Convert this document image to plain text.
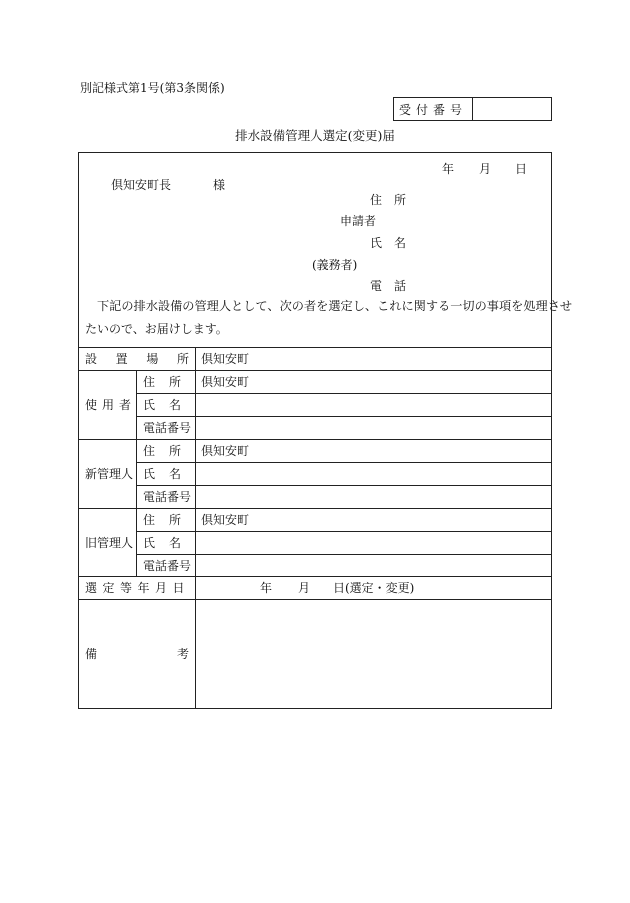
別記様式第1号(第3条関係)
受付番号	
排水設備管理人選定(変更)届
年 月 日
倶知安町長	様
住　所
申請者
氏　名
(義務者)
電　話
下記の排水設備の管理人として、次の者を選定し、これに関する一切の事項を処理させ
たいので、お届けします。
設 置 場 所 倶知安町
使用者
住所 倶知安町
氏名
電話番号
新管理人
住所 倶知安町
氏名
電話番号
旧管理人
住所 倶知安町
氏名
電話番号
選定等年月日	年 月 日(選定・変更)
備	考
